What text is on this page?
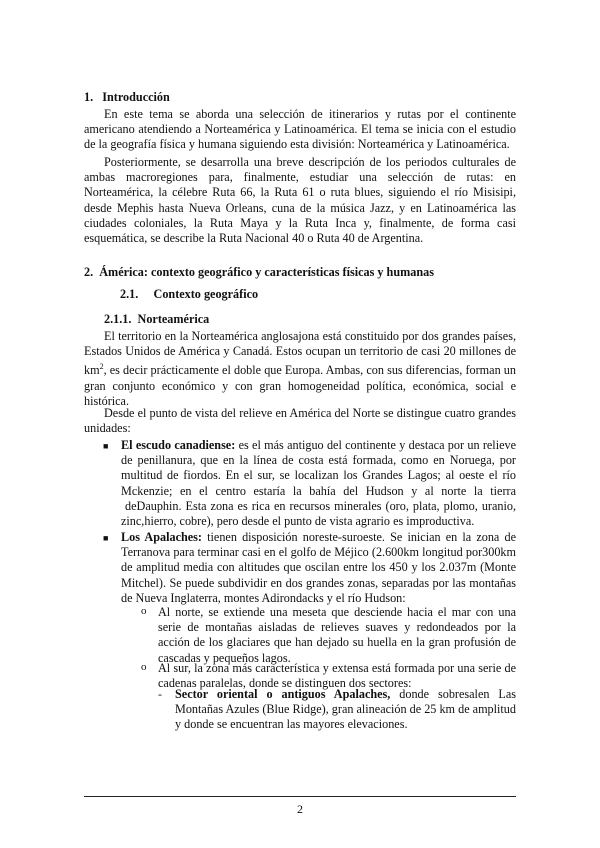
1.   Introducción
En este tema se aborda una selección de itinerarios y rutas por el continente americano atendiendo a Norteamérica y Latinoamérica. El tema se inicia con el estudio de la geografía física y humana siguiendo esta división: Norteamérica y Latinoamérica.
Posteriormente, se desarrolla una breve descripción de los periodos culturales de ambas macroregiones para, finalmente, estudiar una selección de rutas: en Norteamérica, la célebre Ruta 66, la Ruta 61 o ruta blues, siguiendo el río Misisipi, desde Mephis hasta Nueva Orleans, cuna de la música Jazz, y en Latinoamérica las ciudades coloniales, la Ruta Maya y la Ruta Inca y, finalmente, de forma casi esquemática, se describe la Ruta Nacional 40 o Ruta 40 de Argentina.
2.  Ámérica: contexto geográfico y características físicas y humanas
2.1.     Contexto geográfico
2.1.1.  Norteamérica
El territorio en la Norteamérica anglosajona está constituido por dos grandes países, Estados Unidos de América y Canadá. Estos ocupan un territorio de casi 20 millones de $km^2$, es decir prácticamente el doble que Europa. Ambas, con sus diferencias, forman un gran conjunto económico y con gran homogeneidad política, económica, social e histórica.
Desde el punto de vista del relieve en América del Norte se distingue cuatro grandes unidades:
■ El escudo canadiense: es el más antiguo del continente y destaca por un relieve de penillanura, que en la línea de costa está formada, como en Noruega, por multitud de fiordos. En el sur, se localizan los Grandes Lagos; al oeste el río Mckenzie; en el centro estaría la bahía del Hudson y al norte la tierra  deDauphin. Esta zona es rica en recursos minerales (oro, plata, plomo, uranio, zinc,hierro, cobre), pero desde el punto de vista agrario es improductiva.
■ Los Apalaches: tienen disposición noreste-suroeste. Se inician en la zona de Terranova para terminar casi en el golfo de Méjico (2.600km longitud por300km de amplitud media con altitudes que oscilan entre los 450 y los 2.037m (Monte Mitchel). Se puede subdividir en dos grandes zonas, separadas por las montañas de Nueva Inglaterra, montes Adirondacks y el río Hudson:
o Al norte, se extiende una meseta que desciende hacia el mar con una serie de montañas aisladas de relieves suaves y redondeados por la acción de los glaciares que han dejado su huella en la gran profusión de cascadas y pequeños lagos.
o Al sur, la zona más característica y extensa está formada por una serie de cadenas paralelas, donde se distinguen dos sectores:
- Sector oriental o antiguos Apalaches, donde sobresalen Las Montañas Azules (Blue Ridge), gran alineación de 25 km de amplitud y donde se encuentran las mayores elevaciones.
2
